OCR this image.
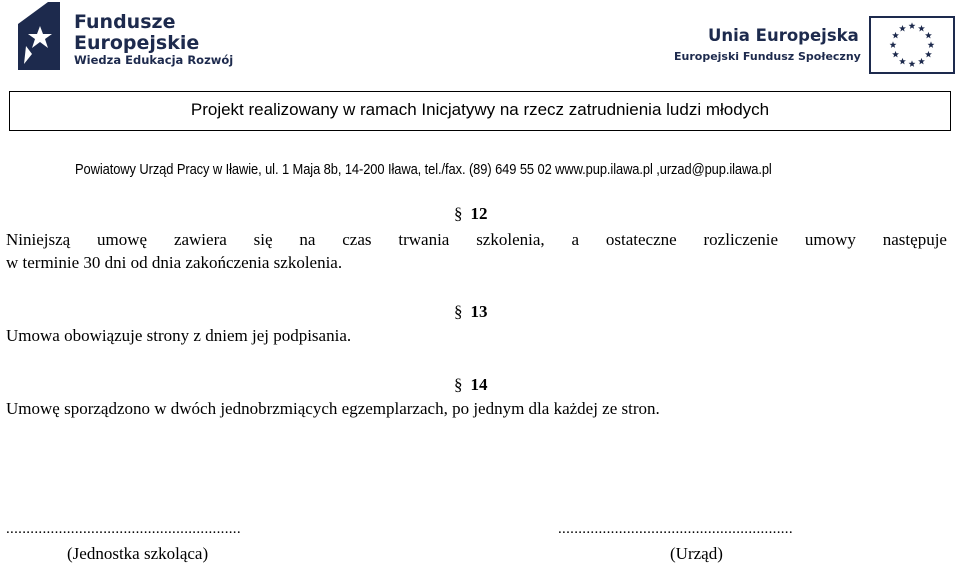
Fundusze
Europejskie
Wiedza Edukacja Rozwój
Unia Europejska
Europejski Fundusz Społeczny
Projekt realizowany w ramach Inicjatywy na rzecz zatrudnienia ludzi młodych
Powiatowy Urząd Pracy w Iławie, ul. 1 Maja 8b, 14-200 Iława, tel./fax. (89) 649 55 02 www.pup.ilawa.pl ,urzad@pup.ilawa.pl
§ 12
Niniejszą umowę zawiera się na czas trwania szkolenia, a ostateczne rozliczenie umowy następuje
w terminie 30 dni od dnia zakończenia szkolenia.
§ 13
Umowa obowiązuje strony z dniem jej podpisania.
§ 14
Umowę sporządzono w dwóch jednobrzmiących egzemplarzach, po jednym dla każdej ze stron.
..........................................................
(Jednostka szkoląca)
..........................................................
(Urząd)
